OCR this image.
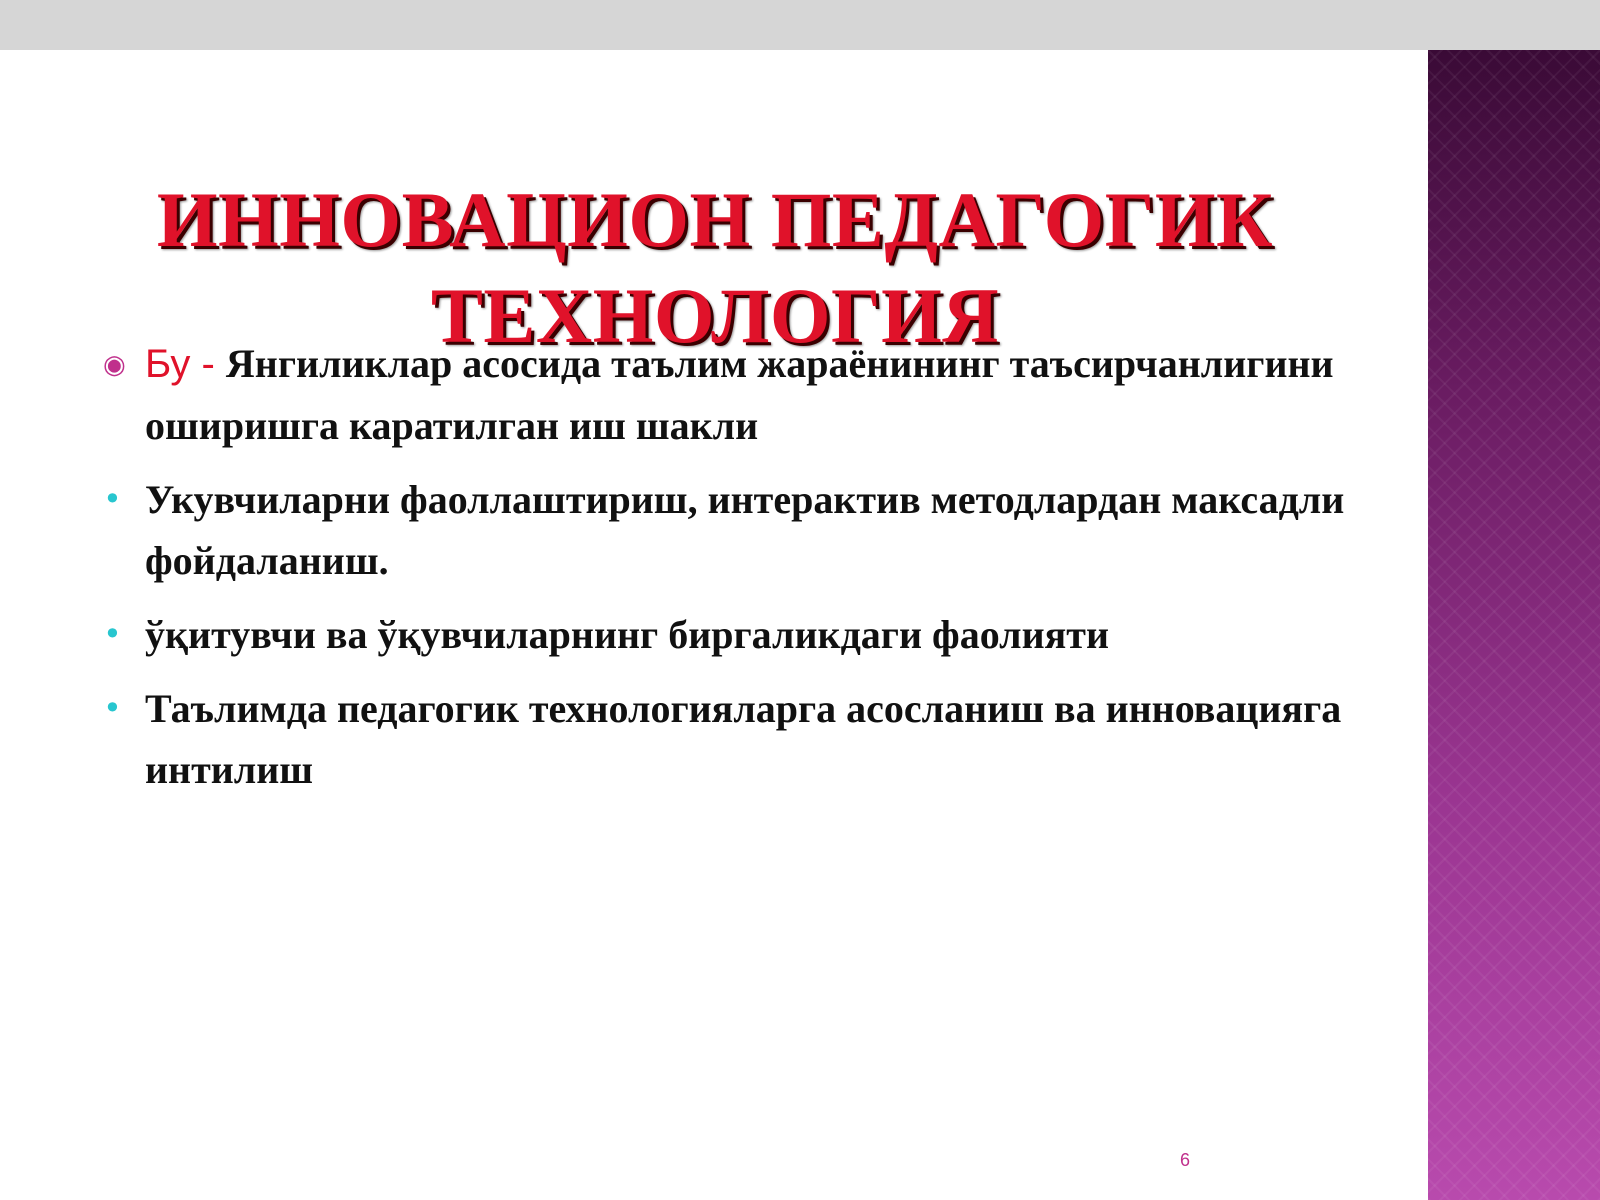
ИННОВАЦИОН ПЕДАГОГИК
ТЕХНОЛОГИЯ
◉ Бу - Янгиликлар асосида таълим жараёнининг таъсирчанлигини оширишга каратилган иш шакли
• Укувчиларни фаоллаштириш, интерактив методлардан максадли фойдаланиш.
• ўқитувчи ва ўқувчиларнинг биргаликдаги фаолияти
• Таълимда педагогик технологияларга асосланиш ва инновацияга интилиш
6
